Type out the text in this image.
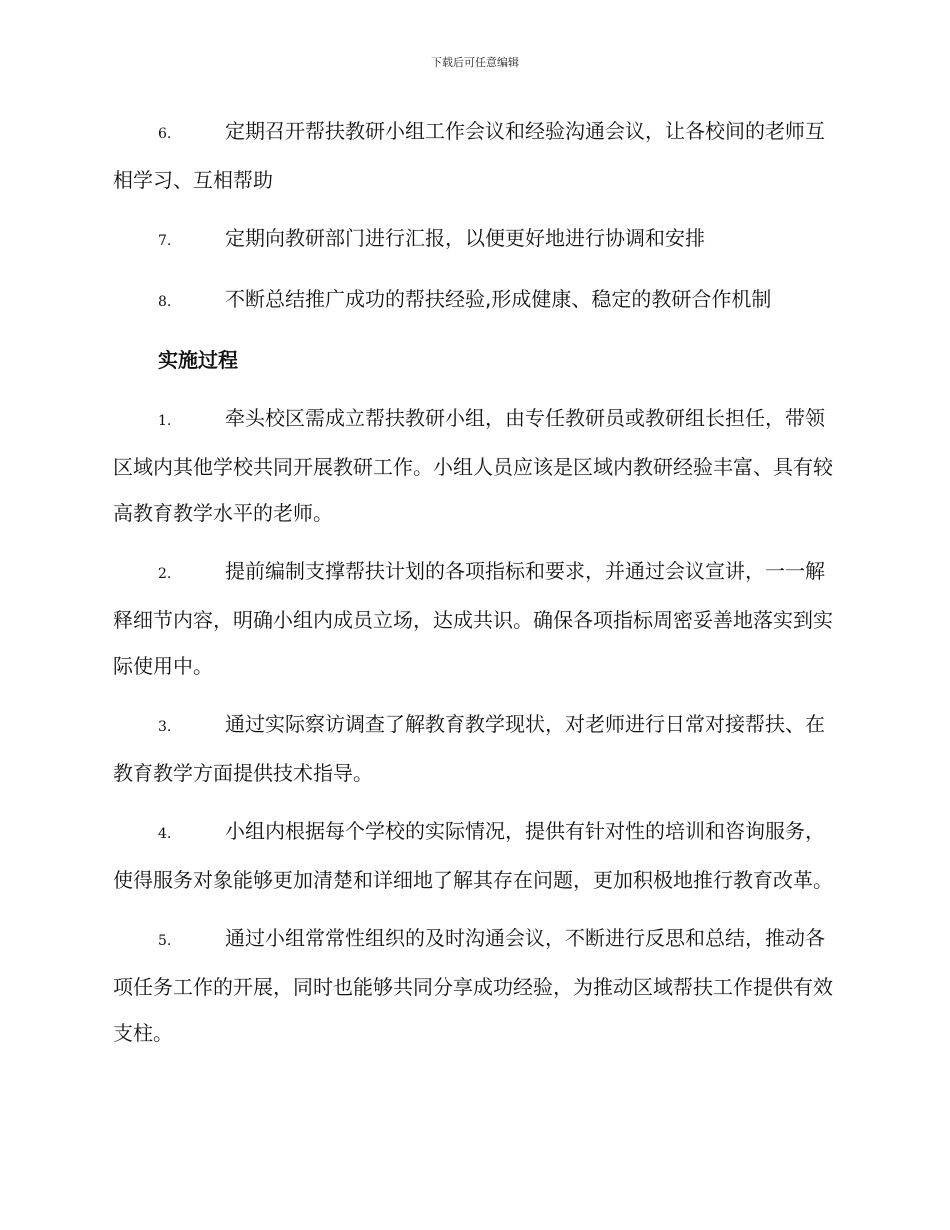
下载后可任意编辑

6.	定期召开帮扶教研小组工作会议和经验沟通会议，让各校间的老师互相学习、互相帮助

7.	定期向教研部门进行汇报，以便更好地进行协调和安排

8.	不断总结推广成功的帮扶经验,形成健康、稳定的教研合作机制

实施过程

1.	牵头校区需成立帮扶教研小组，由专任教研员或教研组长担任，带领区域内其他学校共同开展教研工作。小组人员应该是区域内教研经验丰富、具有较高教育教学水平的老师。

2.	提前编制支撑帮扶计划的各项指标和要求，并通过会议宣讲，一一解释细节内容，明确小组内成员立场，达成共识。确保各项指标周密妥善地落实到实际使用中。

3.	通过实际察访调查了解教育教学现状，对老师进行日常对接帮扶、在教育教学方面提供技术指导。

4.	小组内根据每个学校的实际情况，提供有针对性的培训和咨询服务，使得服务对象能够更加清楚和详细地了解其存在问题，更加积极地推行教育改革。

5.	通过小组常常性组织的及时沟通会议，不断进行反思和总结，推动各项任务工作的开展，同时也能够共同分享成功经验，为推动区域帮扶工作提供有效支柱。
